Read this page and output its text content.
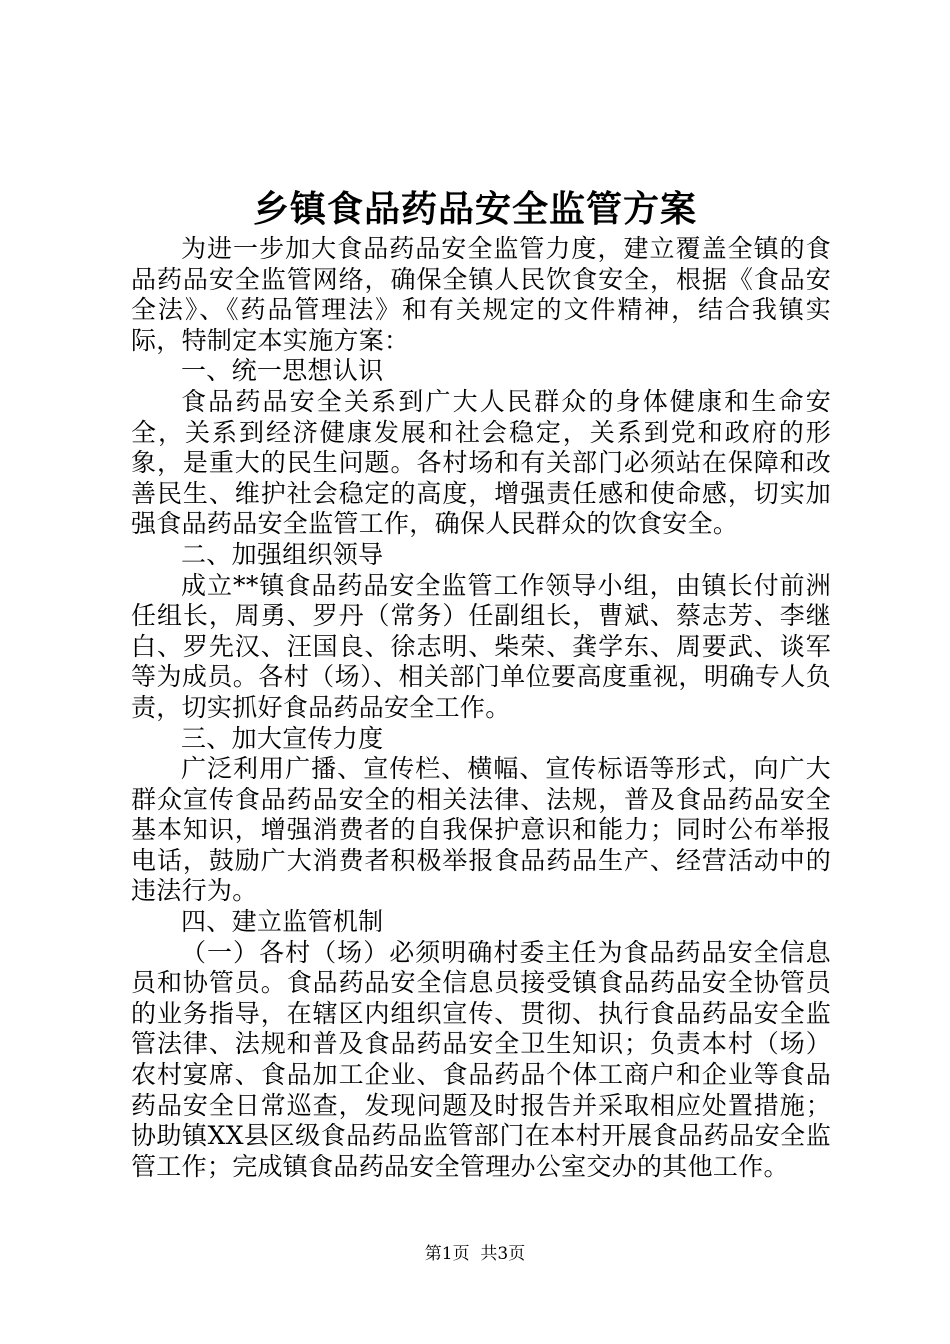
乡镇食品药品安全监管方案

为进一步加大食品药品安全监管力度，建立覆盖全镇的食品药品安全监管网络，确保全镇人民饮食安全，根据《食品安全法》、《药品管理法》和有关规定的文件精神，结合我镇实际，特制定本实施方案：

一、统一思想认识

食品药品安全关系到广大人民群众的身体健康和生命安全，关系到经济健康发展和社会稳定，关系到党和政府的形象，是重大的民生问题。各村场和有关部门必须站在保障和改善民生、维护社会稳定的高度，增强责任感和使命感，切实加强食品药品安全监管工作，确保人民群众的饮食安全。

二、加强组织领导

成立**镇食品药品安全监管工作领导小组，由镇长付前洲任组长，周勇、罗丹（常务）任副组长，曹斌、蔡志芳、李继白、罗先汉、汪国良、徐志明、柴荣、龚学东、周要武、谈军等为成员。各村（场）、相关部门单位要高度重视，明确专人负责，切实抓好食品药品安全工作。

三、加大宣传力度

广泛利用广播、宣传栏、横幅、宣传标语等形式，向广大群众宣传食品药品安全的相关法律、法规，普及食品药品安全基本知识，增强消费者的自我保护意识和能力；同时公布举报电话，鼓励广大消费者积极举报食品药品生产、经营活动中的违法行为。

四、建立监管机制

（一）各村（场）必须明确村委主任为食品药品安全信息员和协管员。食品药品安全信息员接受镇食品药品安全协管员的业务指导，在辖区内组织宣传、贯彻、执行食品药品安全监管法律、法规和普及食品药品安全卫生知识；负责本村（场）农村宴席、食品加工企业、食品药品个体工商户和企业等食品药品安全日常巡查，发现问题及时报告并采取相应处置措施；协助镇XX县区级食品药品监管部门在本村开展食品药品安全监管工作；完成镇食品药品安全管理办公室交办的其他工作。

第1页 共3页
